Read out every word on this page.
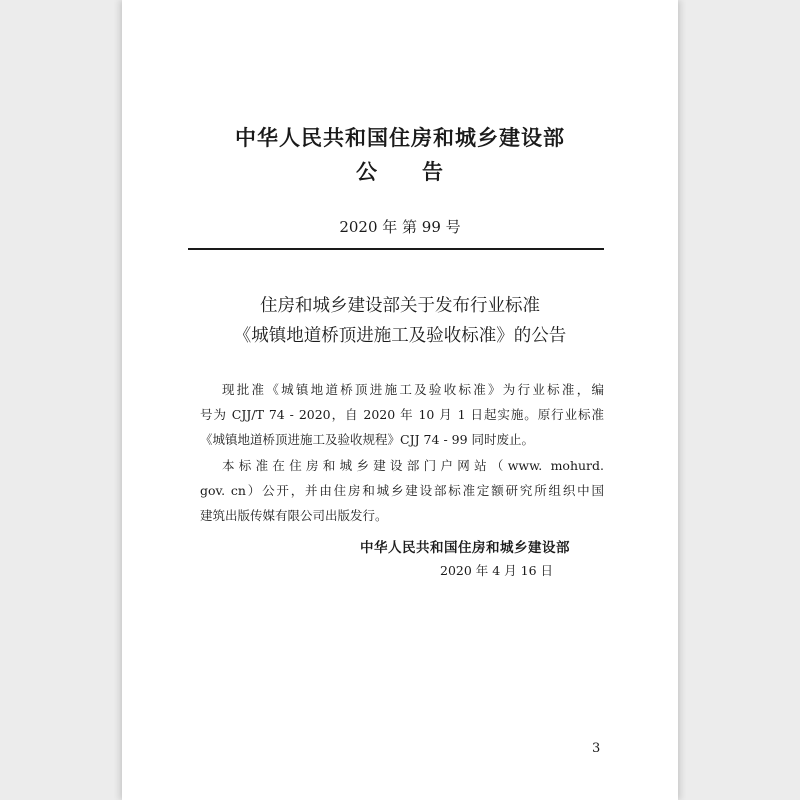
中华人民共和国住房和城乡建设部
公 告
2020 年 第 99 号
住房和城乡建设部关于发布行业标准
《城镇地道桥顶进施工及验收标准》的公告
现批准《城镇地道桥顶进施工及验收标准》为行业标准，编
号为 CJJ/T 74 - 2020，自 2020 年 10 月 1 日起实施。原行业标准
《城镇地道桥顶进施工及验收规程》CJJ 74 - 99 同时废止。
本标准在住房和城乡建设部门户网站（www. mohurd.
gov. cn）公开，并由住房和城乡建设部标准定额研究所组织中国
建筑出版传媒有限公司出版发行。
中华人民共和国住房和城乡建设部
2020 年 4 月 16 日
3
